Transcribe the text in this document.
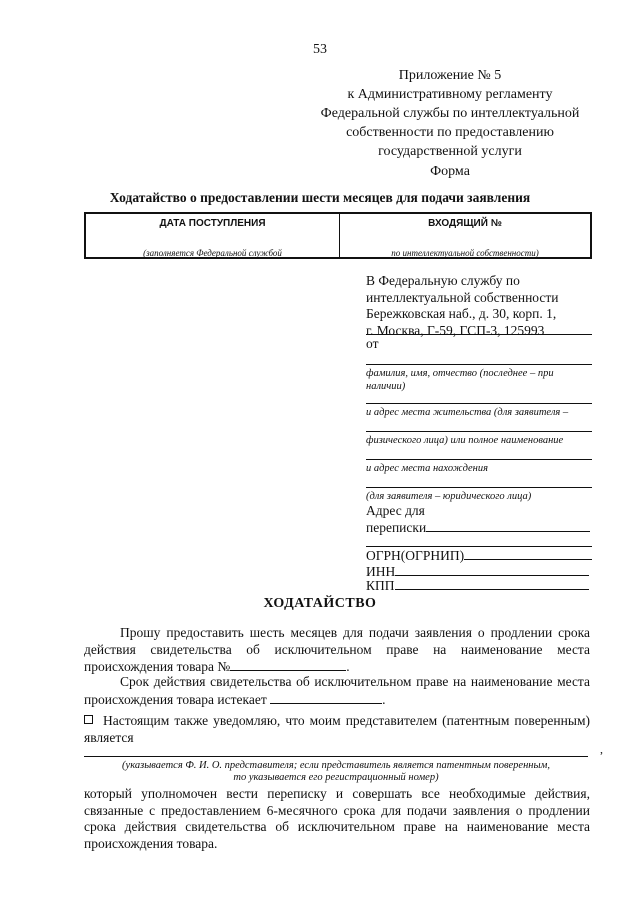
53
Приложение № 5
к Административному регламенту
Федеральной службы по интеллектуальной
собственности по предоставлению
государственной услуги
Форма
Ходатайство о предоставлении шести месяцев для подачи заявления
ДАТА ПОСТУПЛЕНИЯ	ВХОДЯЩИЙ №
(заполняется Федеральной службой	по интеллектуальной собственности)
В Федеральную службу по
интеллектуальной собственности
Бережковская наб., д. 30, корп. 1,
г. Москва, Г-59, ГСП-3, 125993
от
фамилия, имя, отчество (последнее – при наличии)
и адрес места жительства (для заявителя –
физического лица) или полное наименование
и адрес места нахождения
(для заявителя – юридического лица)
Адрес для
переписки
ОГРН(ОГРНИП)
ИНН
КПП
ХОДАТАЙСТВО
Прошу предоставить шесть месяцев для подачи заявления о продлении срока действия свидетельства об исключительном праве на наименование места происхождения товара №	.
Срок действия свидетельства об исключительном праве на наименование места происхождения товара истекает	.
Настоящим также уведомляю, что моим представителем (патентным поверенным) является
,
(указывается Ф. И. О. представителя; если представитель является патентным поверенным,
то указывается его регистрационный номер)
который уполномочен вести переписку и совершать все необходимые действия, связанные с предоставлением 6-месячного срока для подачи заявления о продлении срока действия свидетельства об исключительном праве на наименование места происхождения товара.
